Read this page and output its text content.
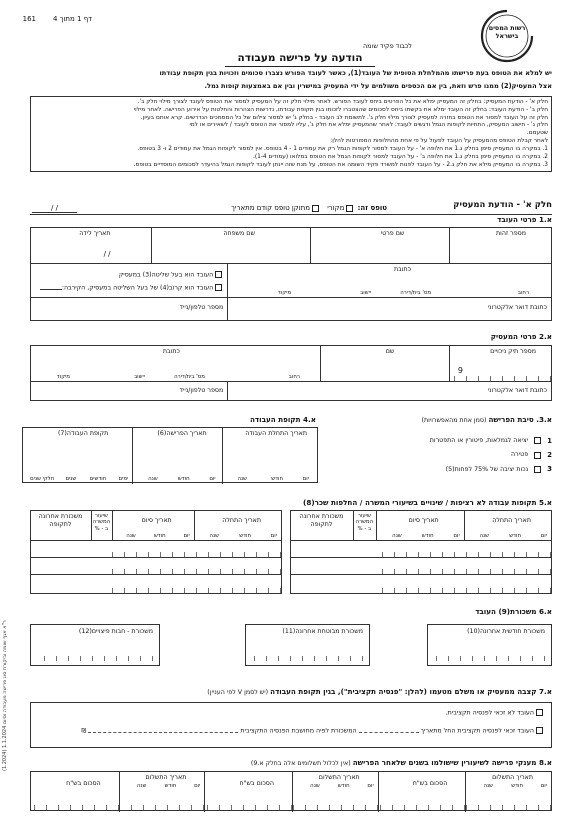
161 דף 1 מתוך 4
רשות המסים בישראל
לכבוד פקיד שומה
הודעה על פרישה מעבודה
יש למלא את הטופס בעת פרישתו מהמלחלת הסופית של העובד(1), כאשר לעובד הפורש נצברו סכומים וזכויות בגין תקופת עבודתו
אצל המעסיק(2) ממנו פרש וזאת, בין אם הכספים משולמים על ידי המעסיק במישרין ובין אם באמצעות קופות גמל.
חלק א' - הודעת המעסיק: בחלק זה המעסיק ימלא את כל הפרטים ביחס לעובד הפורש. לאחר מילוי חלק זה על המעסיק למסור את הטופס לעובד לצורך מילוי חלק ב'.
חלק ב' - הודעת העובד: בחלק זה העובד ימלא את בקשתו ביחס לסכומים שהצטברו לזכותו בגין תקופת עבודתו, נדרשות הצהרות והחלטות על אירוע הפרישה. לאחר מילוי
חלק זה על העובד למסור את הטופס בחזרה למעסיק לצורך מילוי חלק ג'. לתשומת לב העובד - בחלק ג' יש למסור צילום של כל המסמכים הנדרשים. קרא אותם בעיון.
חלק ג' - חישוב המעסיק, התחיות לקופות הגמל ודגשים לעובד: לאחר שהמעסיק ימלא את חלק ג', עליו למסור את הטופס לעובד / לשאירים או למי
שטעמם.
לאחר קבלת הטופס מהמעסיק על העובד לפעול על פי אחת מהחלופות המפורטות להלן:
1. במקרה בו המעסיק סימן בחלק ג.1 את חלופה א' - על העובד למסור לקופות הגמל רק את עמודים 1 - 4 בטופס. אין למסור לקופות הגמל את עמודים 2 ו- 3 בטופס.
2. במקרה בו המעסיק סימן בחלק ג.1 את חלופה ב' - על העובד למסור לקופות הגמל את הטופס במלואו (עמודים 1-4).
3. במקרה בו המעסיק מילא את חלק ג.2 - על העובד לפנות למשרד פקיד השומה את הטופס, על מנת שזה יינתן לעובד לקופות הגמל בהיעדר לסכומים המוסדיים בטופס.
חלק א' - הודעת המעסיק
טופס זה: מקורי מתוקן טופס קודם מתאריך
/ /
א.1 פרטי העובד
מספר זהות
שם פרטי
שם משפחה
תאריך לידה
/ /
כתובת
רחוב
מס' בית/דירה
יישוב
מיקוד
העובד הוא בעל שליטה(3) במעסיק
העובד הוא קרוב(4) של בעל השליטה במעסיק, הקירבה:
כתובת דואר אלקטרוני
מספר טלפון/נייד
א.2 פרטי המעסיק
מספר תיק ניכויים
9
שם
כתובת
רחוב
מס' בית/דירה
יישוב
מיקוד
כתובת דואר אלקטרוני
מספר טלפון/נייד
א.3. סיבת הפרישה (סמן אחת מהאפשרויות)
1
יציאה לגמלאות, פיטורין או התפטרות
2
פטירה
3
נכות יציבה של 75% לפחות(5)
א.4 תקופת העבודה
תאריך התחלת העבודה
יום
חודש
שנה
תאריך הפרישה(6)
יום
חודש
שנה
תקופת העבודה(7)
ימים
חודשים
שנים
חלקי שנים
א.5 תקופות עבודה לא רציפות / שינויים בשיעורי המשרה / החלפות שכר(8)
תאריך התחלה
יום
חודש
שנה
תאריך סיום
יום
חודש
שנה
שיעור המשרה ב - %
משכורת אחרונה לתקופה
תאריך התחלה
יום
חודש
שנה
תאריך סיום
יום
חודש
שנה
שיעור המשרה ב - %
משכורת אחרונה לתקופה
א.6 משכורת(9) העובד
משכורת חודשית אחרונה(10)
משכורת מבוטחת אחרונה(11)
משכורת - חבות פיצויים(12)
א.7 קצבה ממעסיק או משלם מטעמו (להלן: "פנסיה תקציבית"), בגין תקופת העבודה (יש לסמן V לפי העניין)
העובד לא זכאי לפנסיה תקציבית.
העובד זכאי לפנסיה תקציבית החל מתאריך  המשכורת לפיה מחושבת הפנסיה התקציבית  ₪
א.8 מענקי פרישה לשיעורין שישולמו בשנים שלאחר הפרישה (אין לכלול תשלומים אלה בחלק א.9)
תאריך התשלום
יום
חודש
שנה
הסכום בש"ח
תאריך התשלום
יום
חודש
שנה
הסכום בש"ח
תאריך התשלום
יום
חודש
שנה
הסכום בש"ח
ר"א אגף שומה וביקורת סוג פרישה מעבודה וסיום 1.1.2024 (1.2024)
